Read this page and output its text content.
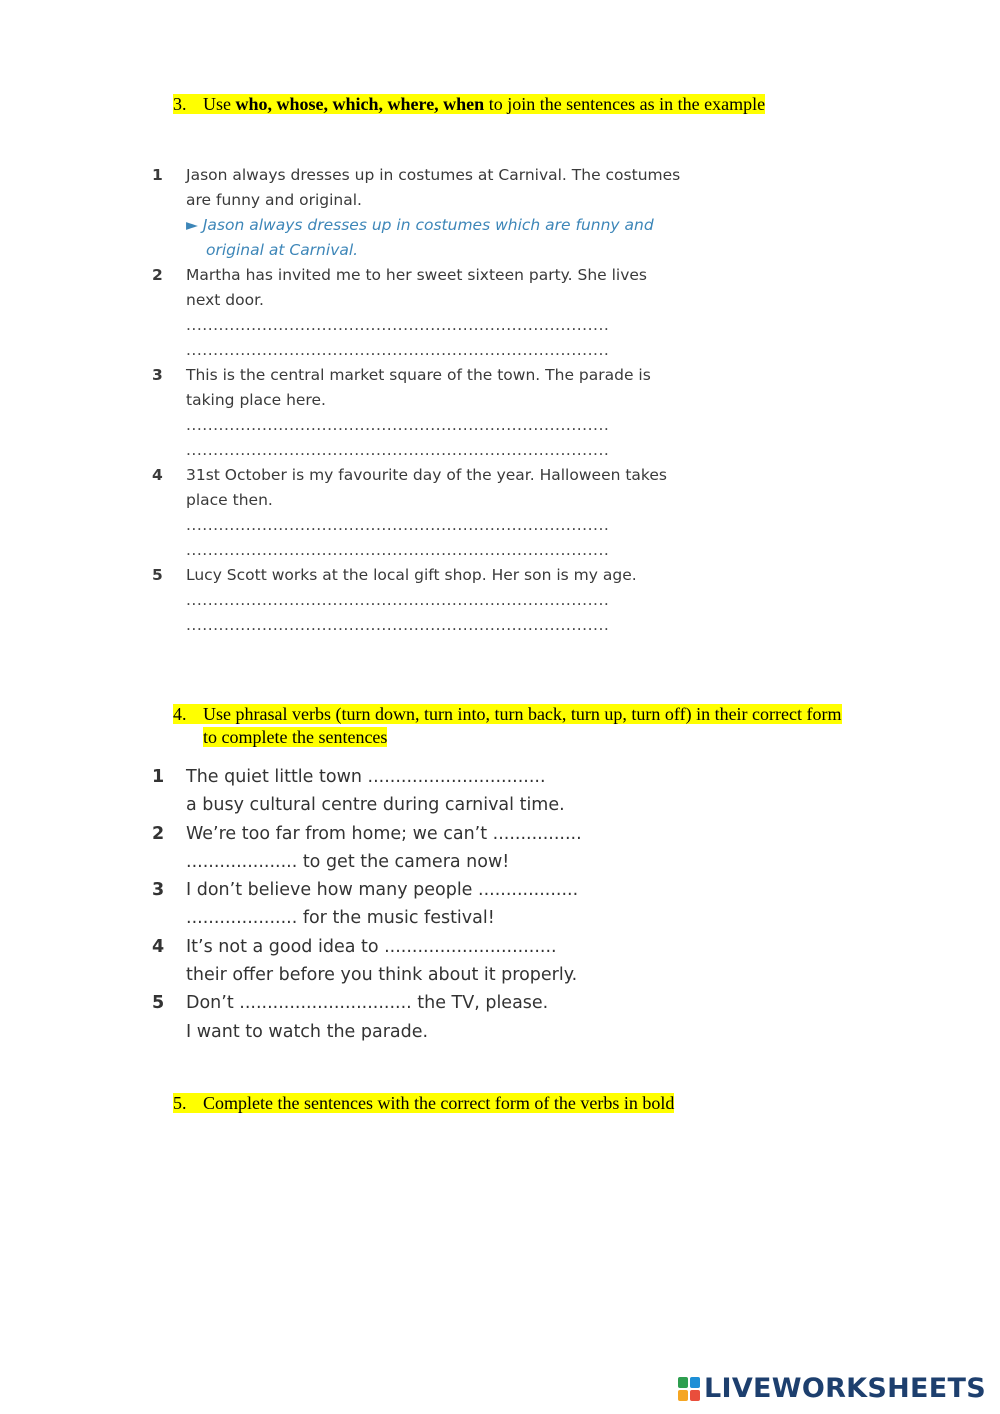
3. Use who, whose, which, where, when to join the sentences as in the example
1 Jason always dresses up in costumes at Carnival. The costumes
are funny and original.
► Jason always dresses up in costumes which are funny and
original at Carnival.
2 Martha has invited me to her sweet sixteen party. She lives
next door.
..............................................................................
..............................................................................
3 This is the central market square of the town. The parade is
taking place here.
..............................................................................
..............................................................................
4 31st October is my favourite day of the year. Halloween takes
place then.
..............................................................................
..............................................................................
5 Lucy Scott works at the local gift shop. Her son is my age.
..............................................................................
..............................................................................
4. Use phrasal verbs (turn down, turn into, turn back, turn up, turn off) in their correct form
to complete the sentences
1 The quiet little town ................................
a busy cultural centre during carnival time.
2 We’re too far from home; we can’t ................
.................... to get the camera now!
3 I don’t believe how many people ..................
.................... for the music festival!
4 It’s not a good idea to ...............................
their offer before you think about it properly.
5 Don’t ............................... the TV, please.
I want to watch the parade.
5. Complete the sentences with the correct form of the verbs in bold
LIVEWORKSHEETS
